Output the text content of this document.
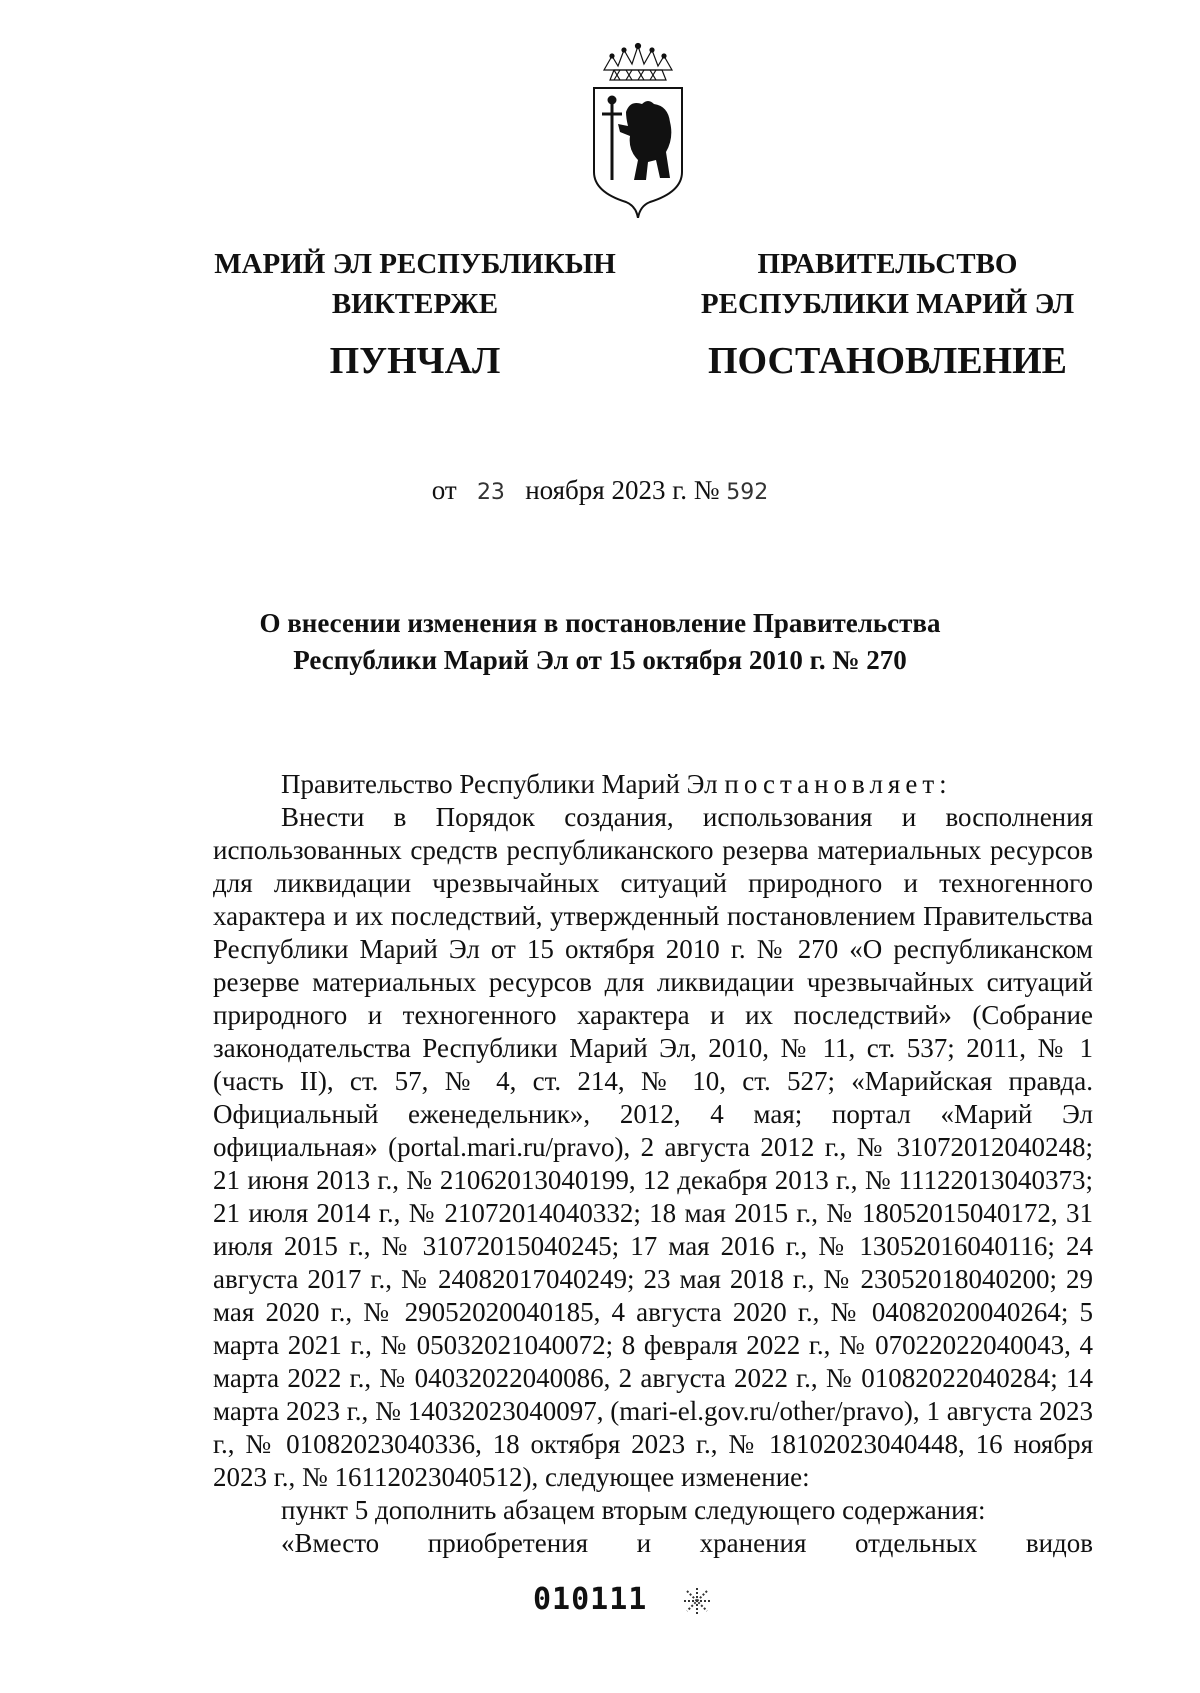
МАРИЙ ЭЛ РЕСПУБЛИКЫН
ВИКТЕРЖЕ
ПУНЧАЛ
ПРАВИТЕЛЬСТВО
РЕСПУБЛИКИ МАРИЙ ЭЛ
ПОСТАНОВЛЕНИЕ
от 23 ноября 2023 г. № 592
О внесении изменения в постановление Правительства
Республики Марий Эл от 15 октября 2010 г. № 270

Правительство Республики Марий Эл постановляет:

Внести в Порядок создания, использования и восполнения использованных средств республиканского резерва материальных ресурсов для ликвидации чрезвычайных ситуаций природного и техногенного характера и их последствий, утвержденный постановлением Правительства Республики Марий Эл от 15 октября 2010 г. № 270 «О республиканском резерве материальных ресурсов для ликвидации чрезвычайных ситуаций природного и техногенного характера и их последствий» (Собрание законодательства Республики Марий Эл, 2010, № 11, ст. 537; 2011, № 1 (часть II), ст. 57, № 4, ст. 214, № 10, ст. 527; «Марийская правда. Официальный еженедельник», 2012, 4 мая; портал «Марий Эл официальная» (portal.mari.ru/pravo), 2 августа 2012 г., № 31072012040248; 21 июня 2013 г., № 21062013040199, 12 декабря 2013 г., № 11122013040373; 21 июля 2014 г., № 21072014040332; 18 мая 2015 г., № 18052015040172, 31 июля 2015 г., № 31072015040245; 17 мая 2016 г., № 13052016040116; 24 августа 2017 г., № 24082017040249; 23 мая 2018 г., № 23052018040200; 29 мая 2020 г., № 29052020040185, 4 августа 2020 г., № 04082020040264; 5 марта 2021 г., № 05032021040072; 8 февраля 2022 г., № 07022022040043, 4 марта 2022 г., № 04032022040086, 2 августа 2022 г., № 01082022040284; 14 марта 2023 г., № 14032023040097, (mari-el.gov.ru/other/pravo), 1 августа 2023 г., № 01082023040336, 18 октября 2023 г., № 18102023040448, 16 ноября 2023 г., № 16112023040512), следующее изменение:

пункт 5 дополнить абзацем вторым следующего содержания:

«Вместо приобретения и хранения отдельных видов

010111
